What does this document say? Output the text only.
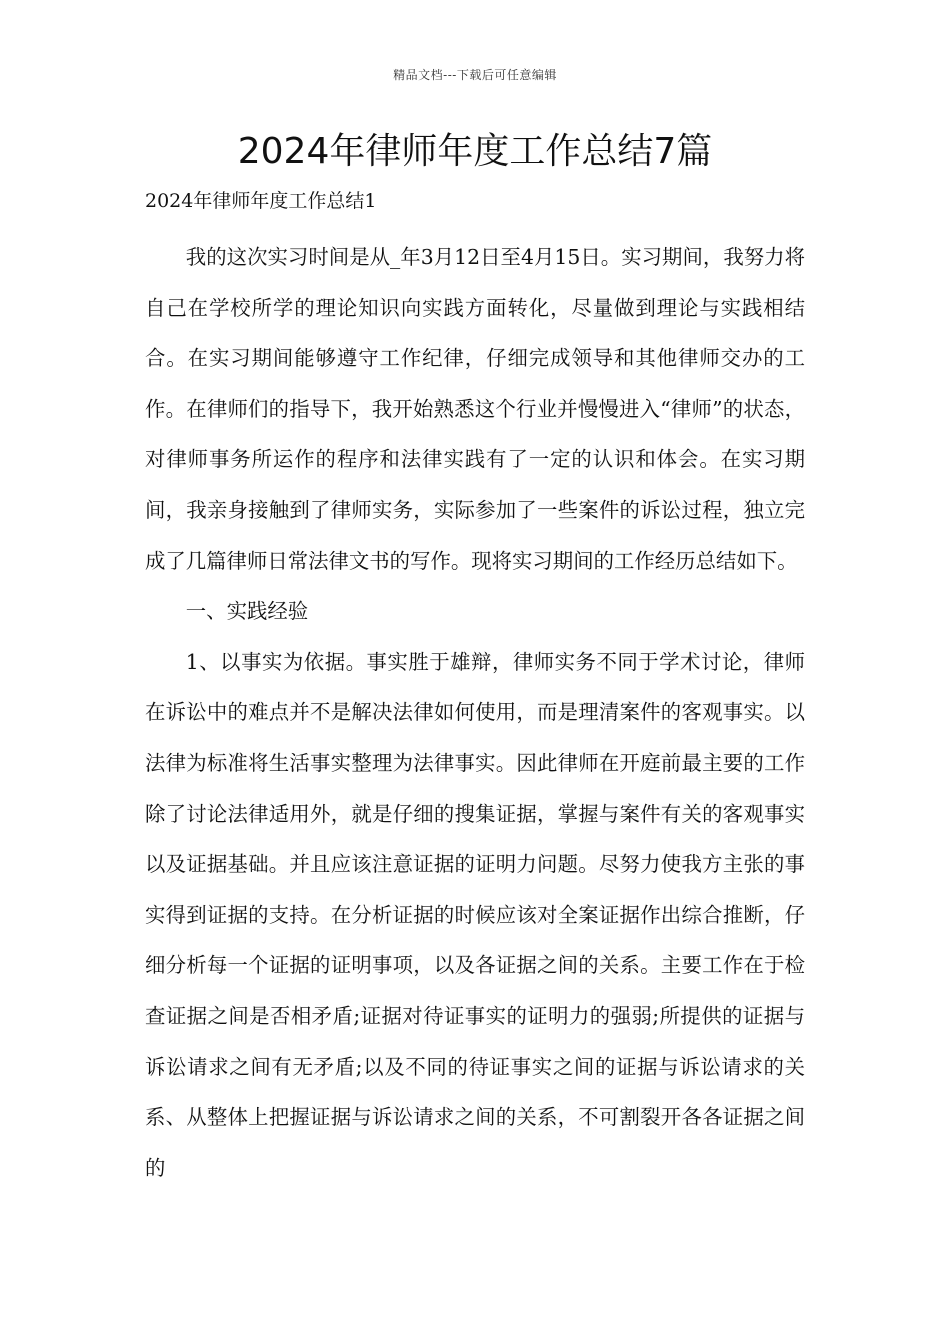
精品文档---下载后可任意编辑
2024年律师年度工作总结7篇
2024年律师年度工作总结1

我的这次实习时间是从_年3月12日至4月15日。实习期间，我努力将自己在学校所学的理论知识向实践方面转化，尽量做到理论与实践相结合。在实习期间能够遵守工作纪律，仔细完成领导和其他律师交办的工作。在律师们的指导下，我开始熟悉这个行业并慢慢进入“律师”的状态，对律师事务所运作的程序和法律实践有了一定的认识和体会。在实习期间，我亲身接触到了律师实务，实际参加了一些案件的诉讼过程，独立完成了几篇律师日常法律文书的写作。现将实习期间的工作经历总结如下。

一、实践经验

1、以事实为依据。事实胜于雄辩，律师实务不同于学术讨论，律师在诉讼中的难点并不是解决法律如何使用，而是理清案件的客观事实。以法律为标准将生活事实整理为法律事实。因此律师在开庭前最主要的工作除了讨论法律适用外，就是仔细的搜集证据，掌握与案件有关的客观事实以及证据基础。并且应该注意证据的证明力问题。尽努力使我方主张的事实得到证据的支持。在分析证据的时候应该对全案证据作出综合推断，仔细分析每一个证据的证明事项，以及各证据之间的关系。主要工作在于检查证据之间是否相矛盾;证据对待证事实的证明力的强弱;所提供的证据与诉讼请求之间有无矛盾;以及不同的待证事实之间的证据与诉讼请求的关系、从整体上把握证据与诉讼请求之间的关系，不可割裂开各各证据之间的
